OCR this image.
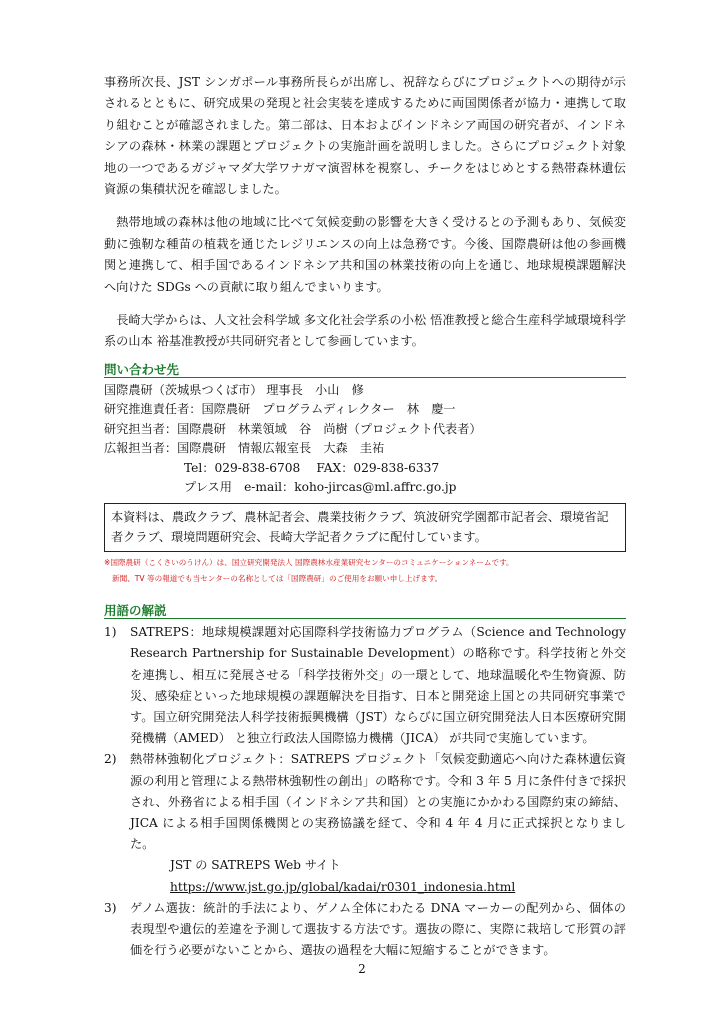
事務所次長、JST シンガポール事務所長らが出席し、祝辞ならびにプロジェクトへの期待が示されるとともに、研究成果の発現と社会実装を達成するために両国関係者が協力・連携して取り組むことが確認されました。第二部は、日本およびインドネシア両国の研究者が、インドネシアの森林・林業の課題とプロジェクトの実施計画を説明しました。さらにプロジェクト対象地の一つであるガジャマダ大学ワナガマ演習林を視察し、チークをはじめとする熱帯森林遺伝資源の集積状況を確認しました。

熱帯地域の森林は他の地域に比べて気候変動の影響を大きく受けるとの予測もあり、気候変動に強靭な種苗の植栽を通じたレジリエンスの向上は急務です。今後、国際農研は他の参画機関と連携して、相手国であるインドネシア共和国の林業技術の向上を通じ、地球規模課題解決へ向けた SDGs への貢献に取り組んでまいります。

長崎大学からは、人文社会科学域 多文化社会学系の小松 悟准教授と総合生産科学域環境科学系の山本 裕基准教授が共同研究者として参画しています。

問い合わせ先
国際農研（茨城県つくば市） 理事長　小山　修
研究推進責任者：国際農研　プログラムディレクター　林　慶一
研究担当者：国際農研　林業領域　谷　尚樹（プロジェクト代表者）
広報担当者：国際農研　情報広報室長　大森　圭祐
Tel：029-838-6708　 FAX：029-838-6337
プレス用　e-mail：koho-jircas@ml.affrc.go.jp
本資料は、農政クラブ、農林記者会、農業技術クラブ、筑波研究学園都市記者会、環境省記者クラブ、環境問題研究会、長崎大学記者クラブに配付しています。
※国際農研（こくさいのうけん）は、国立研究開発法人 国際農林水産業研究センターのコミュニケーションネームです。
新聞、TV 等の報道でも当センターの名称としては「国際農研」のご使用をお願い申し上げます。
用語の解説
1)	SATREPS：地球規模課題対応国際科学技術協力プログラム（Science and Technology Research Partnership for Sustainable Development）の略称です。科学技術と外交を連携し、相互に発展させる「科学技術外交」の一環として、地球温暖化や生物資源、防災、感染症といった地球規模の課題解決を目指す、日本と開発途上国との共同研究事業です。国立研究開発法人科学技術振興機構（JST）ならびに国立研究開発法人日本医療研究開発機構（AMED） と独立行政法人国際協力機構（JICA） が共同で実施しています。
2)	熱帯林強靭化プロジェクト：SATREPS プロジェクト「気候変動適応へ向けた森林遺伝資源の利用と管理による熱帯林強靭性の創出」の略称です。令和 3 年 5 月に条件付きで採択され、外務省による相手国（インドネシア共和国）との実施にかかわる国際約束の締結、JICA による相手国関係機関との実務協議を経て、令和 4 年 4 月に正式採択となりました。
JST の SATREPS Web サイト
https://www.jst.go.jp/global/kadai/r0301_indonesia.html
3)	ゲノム選抜：統計的手法により、ゲノム全体にわたる DNA マーカーの配列から、個体の表現型や遺伝的差違を予測して選抜する方法です。選抜の際に、実際に栽培して形質の評価を行う必要がないことから、選抜の過程を大幅に短縮することができます。
2
